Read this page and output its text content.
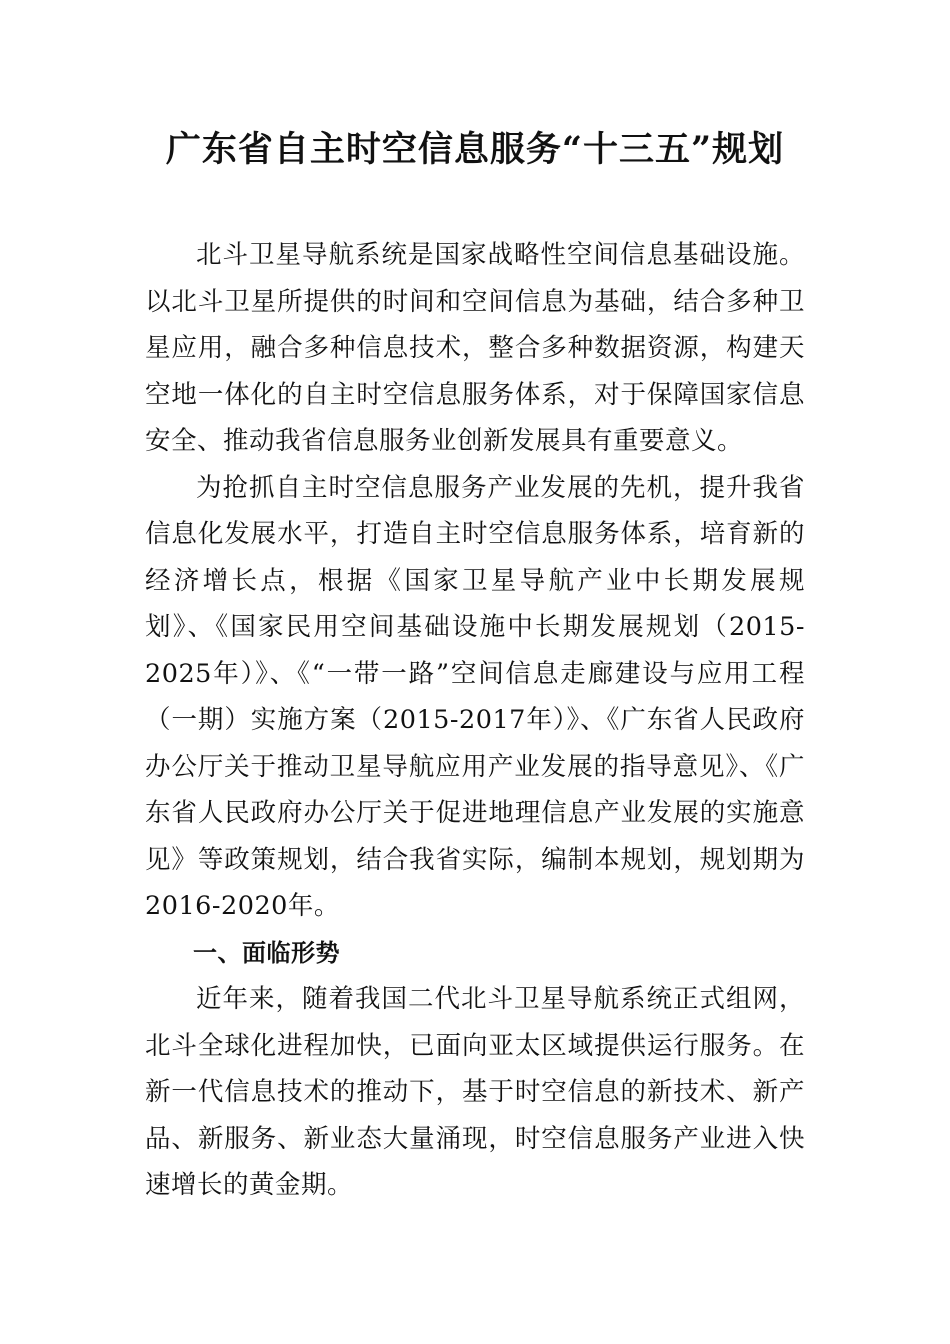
广东省自主时空信息服务“十三五”规划

北斗卫星导航系统是国家战略性空间信息基础设施。以北斗卫星所提供的时间和空间信息为基础，结合多种卫星应用，融合多种信息技术，整合多种数据资源，构建天空地一体化的自主时空信息服务体系，对于保障国家信息安全、推动我省信息服务业创新发展具有重要意义。

为抢抓自主时空信息服务产业发展的先机，提升我省信息化发展水平，打造自主时空信息服务体系，培育新的经济增长点，根据《国家卫星导航产业中长期发展规划》、《国家民用空间基础设施中长期发展规划（2015-2025年）》、《“一带一路”空间信息走廊建设与应用工程（一期）实施方案（2015-2017年）》、《广东省人民政府办公厅关于推动卫星导航应用产业发展的指导意见》、《广东省人民政府办公厅关于促进地理信息产业发展的实施意见》等政策规划，结合我省实际，编制本规划，规划期为2016-2020年。

一、面临形势

近年来，随着我国二代北斗卫星导航系统正式组网，北斗全球化进程加快，已面向亚太区域提供运行服务。在新一代信息技术的推动下，基于时空信息的新技术、新产品、新服务、新业态大量涌现，时空信息服务产业进入快速增长的黄金期。
